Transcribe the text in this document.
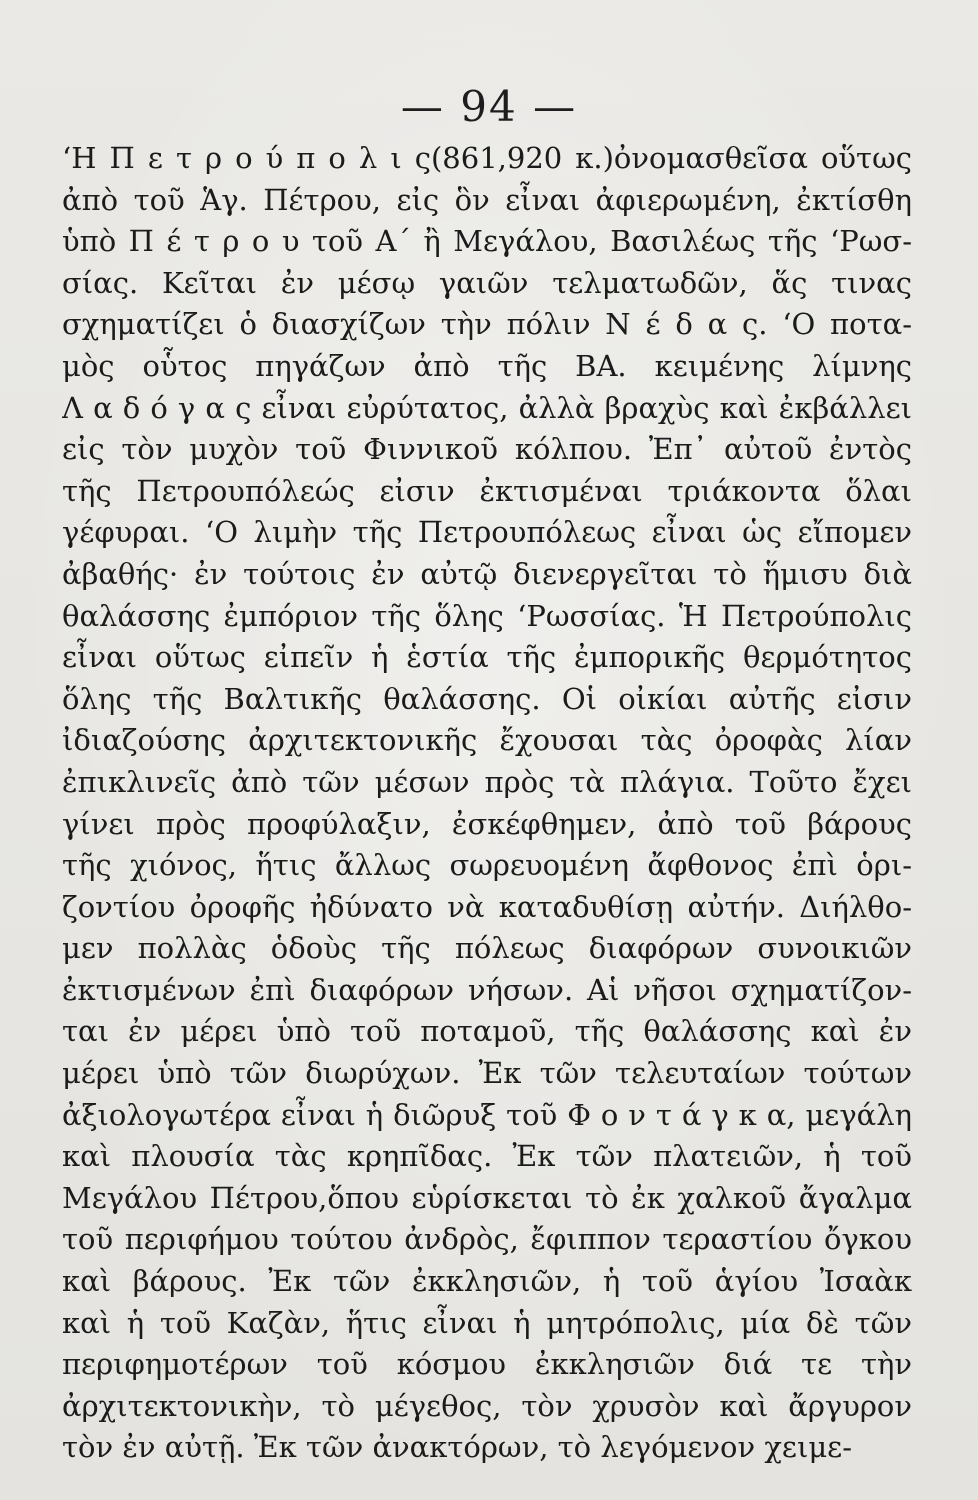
— 94 —
‘Η Π ε τ ρ ο ύ π ο λ ι ς(861,920 κ.)ὀνομασθεῖσα οὕτως
ἀπὸ τοῦ Ἁγ. Πέτρου, εἰς ὃν εἶναι ἀφιερωμένη, ἐκτίσθη
ὑπὸ Π έ τ ρ ο υ τοῦ Α΄ ἢ Μεγάλου, Βασιλέως τῆς ‘Ρωσ-
σίας. Κεῖται ἐν μέσῳ γαιῶν τελματωδῶν, ἅς τινας
σχηματίζει ὁ διασχίζων τὴν πόλιν Ν έ δ α ς. ‘Ο ποτα-
μὸς οὗτος πηγάζων ἀπὸ τῆς ΒΑ. κειμένης λίμνης
Λ α δ ό γ α ς εἶναι εὐρύτατος, ἀλλὰ βραχὺς καὶ ἐκβάλλει
εἰς τὸν μυχὸν τοῦ Φιννικοῦ κόλπου. Ἐπ᾽ αὐτοῦ ἐντὸς
τῆς Πετρουπόλεώς εἰσιν ἐκτισμέναι τριάκοντα ὅλαι
γέφυραι. ‘Ο λιμὴν τῆς Πετρουπόλεως εἶναι ὡς εἴπομεν
ἀβαθής· ἐν τούτοις ἐν αὐτῷ διενεργεῖται τὸ ἥμισυ διὰ
θαλάσσης ἐμπόριον τῆς ὅλης ‘Ρωσσίας. Ἡ Πετρούπολις
εἶναι οὕτως εἰπεῖν ἡ ἑστία τῆς ἐμπορικῆς θερμότητος
ὅλης τῆς Βαλτικῆς θαλάσσης. Οἱ οἰκίαι αὐτῆς εἰσιν
ἰδιαζούσης ἀρχιτεκτονικῆς ἔχουσαι τὰς ὀροφὰς λίαν
ἐπικλινεῖς ἀπὸ τῶν μέσων πρὸς τὰ πλάγια. Τοῦτο ἔχει
γίνει πρὸς προφύλαξιν, ἐσκέφθημεν, ἀπὸ τοῦ βάρους
τῆς χιόνος, ἥτις ἄλλως σωρευομένη ἄφθονος ἐπὶ ὁρι-
ζοντίου ὀροφῆς ἠδύνατο νὰ καταδυθίσῃ αὐτήν. Διήλθο-
μεν πολλὰς ὁδοὺς τῆς πόλεως διαφόρων συνοικιῶν
ἐκτισμένων ἐπὶ διαφόρων νήσων. Αἱ νῆσοι σχηματίζον-
ται ἐν μέρει ὑπὸ τοῦ ποταμοῦ, τῆς θαλάσσης καὶ ἐν
μέρει ὑπὸ τῶν διωρύχων. Ἐκ τῶν τελευταίων τούτων
ἀξιολογωτέρα εἶναι ἡ διῶρυξ τοῦ Φ ο ν τ ά γ κ α, μεγάλη
καὶ πλουσία τὰς κρηπῖδας. Ἐκ τῶν πλατειῶν, ἡ τοῦ
Μεγάλου Πέτρου,ὅπου εὑρίσκεται τὸ ἐκ χαλκοῦ ἄγαλμα
τοῦ περιφήμου τούτου ἀνδρὸς, ἔφιππον τεραστίου ὄγκου
καὶ βάρους. Ἐκ τῶν ἐκκλησιῶν, ἡ τοῦ ἁγίου Ἰσαὰκ
καὶ ἡ τοῦ Καζὰν, ἥτις εἶναι ἡ μητρόπολις, μία δὲ τῶν
περιφημοτέρων τοῦ κόσμου ἐκκλησιῶν διά τε τὴν
ἀρχιτεκτονικὴν, τὸ μέγεθος, τὸν χρυσὸν καὶ ἄργυρον
τὸν ἐν αὐτῇ. Ἐκ τῶν ἀνακτόρων, τὸ λεγόμενον χειμε-
